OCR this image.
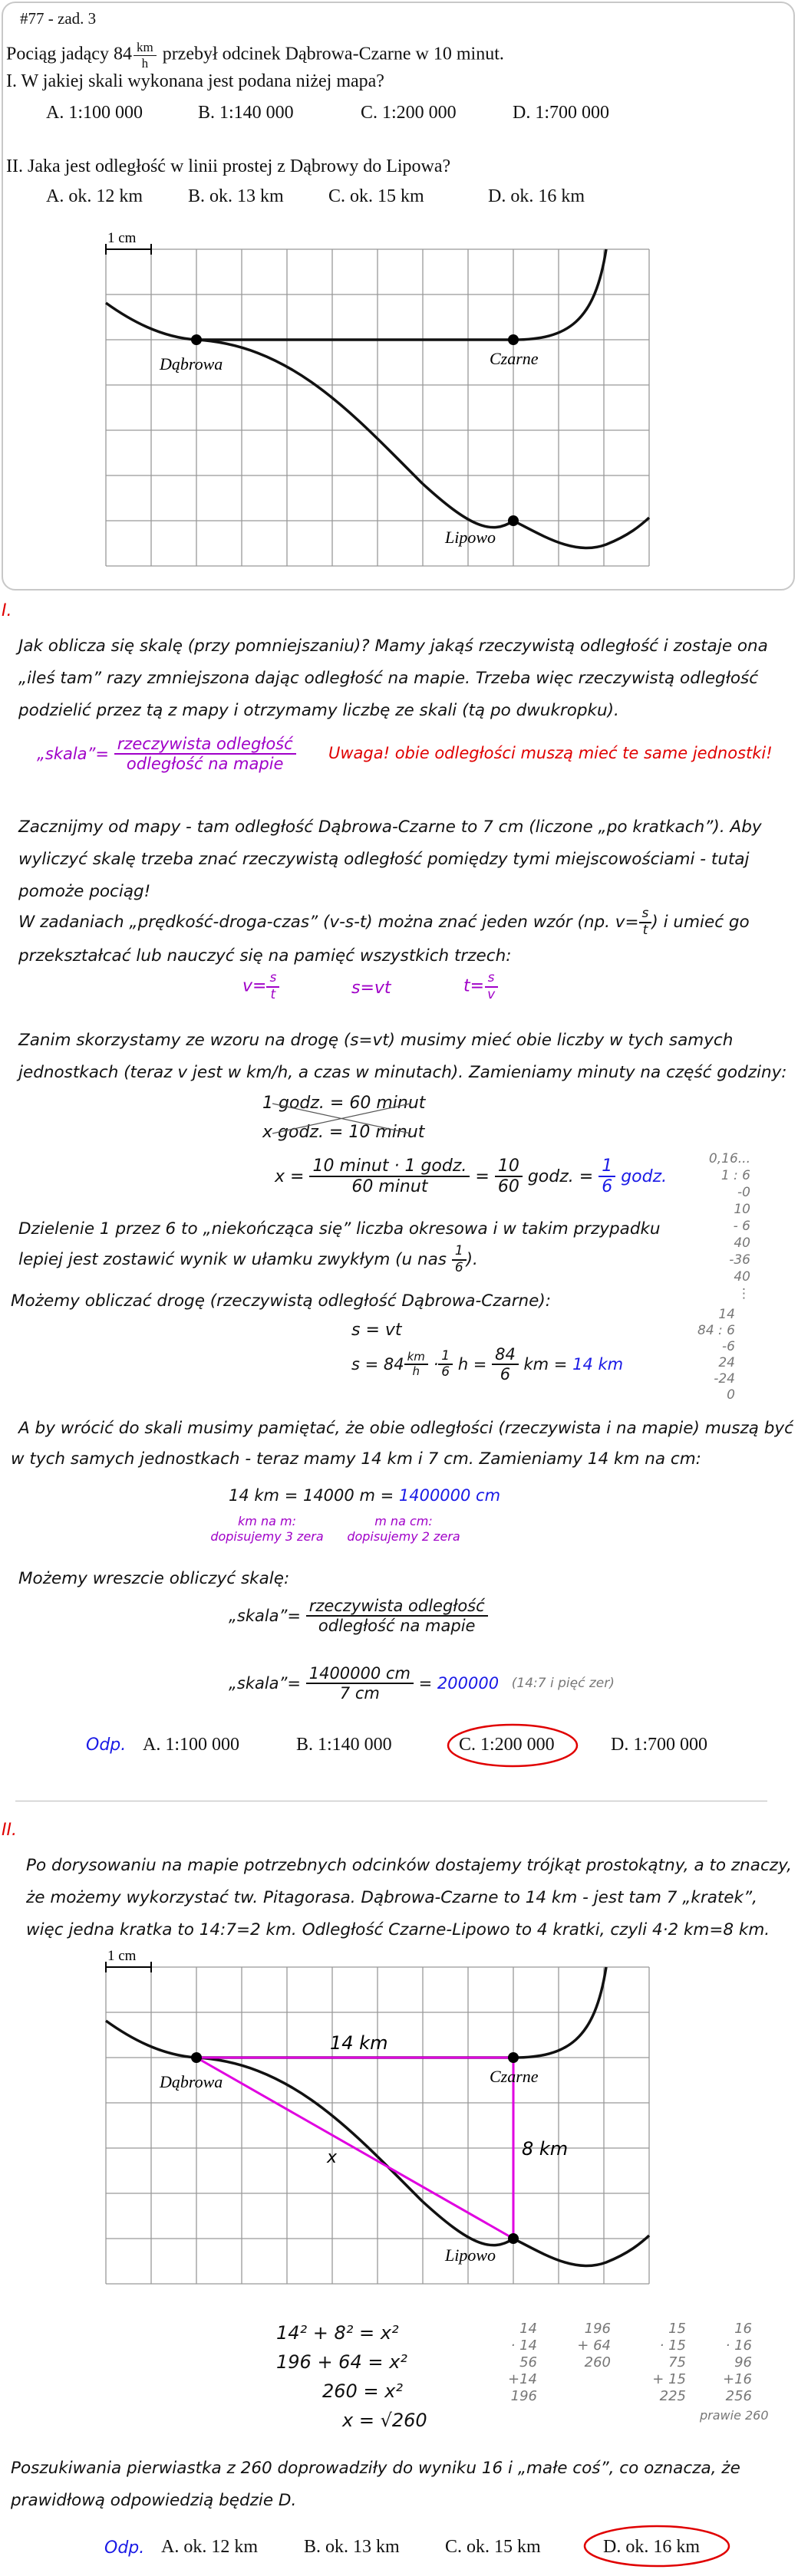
#77 - zad. 3
Pociąg jadący $84 \frac{km}{h}$ przebył odcinek Dąbrowa-Czarne w 10 minut.
I. W jakiej skali wykonana jest podana niżej mapa?
A. 1:100 000	B. 1:140 000	C. 1:200 000	D. 1:700 000
II. Jaka jest odległość w linii prostej z Dąbrowy do Lipowa?
A. ok. 12 km B. ok. 13 km C. ok. 15 km	D. ok. 16 km
1 cm
Dąbrowa	Czarne
Lipowo
I.
Jak oblicza się skalę (przy pomniejszaniu)? Mamy jakąś rzeczywistą odległość i zostaje ona
„ileś tam” razy zmniejszona dając odległość na mapie. Trzeba więc rzeczywistą odległość
podzielić przez tą z mapy i otrzymamy liczbę ze skali (tą po dwukropku).
„skala”= $\frac{\text{rzeczywista odległość}}{\text{odległość na mapie}}$ Uwaga! obie odległości muszą mieć te same jednostki!
Zacznijmy od mapy - tam odległość Dąbrowa-Czarne to 7 cm (liczone „po kratkach”). Aby
wyliczyć skalę trzeba znać rzeczywistą odległość pomiędzy tymi miejscowościami - tutaj
pomoże pociąg!
W zadaniach „prędkość-droga-czas” (v-s-t) można znać jeden wzór (np. $v= \frac{s}{t}$ ) i umieć go
przekształcać lub nauczyć się na pamięć wszystkich trzech:
$v= \frac{s}{t}$	s=vt	$t= \frac{s}{v}$
Zanim skorzystamy ze wzoru na drogę (s=vt) musimy mieć obie liczby w tych samych
jednostkach (teraz v jest w km/h, a czas w minutach). Zamieniamy minuty na część godziny:
1 godz. = 60 minut
x godz. = 10 minut
$x = \frac{\text{10 minut · 1 godz.}}{\text{60 minut}} = \frac{10}{60}$ godz. = $\frac{1}{6}$ godz.
0,16...
1 : 6
-0
10
- 6
40
-36
40
⋮
Dzielenie 1 przez 6 to „niekończąca się” liczba okresowa i w takim przypadku
lepiej jest zostawić wynik w ułamku zwykłym (u nas $\frac{1}{6}$ ).
14
84 : 6
-6
24
-24
0
Możemy obliczać drogę (rzeczywistą odległość Dąbrowa-Czarne):
s = vt
$s = 84 \frac{km}{h} \cdot \frac{1}{6}$ $h = \frac{84}{6}$ km = 14 km
A by wrócić do skali musimy pamiętać, że obie odległości (rzeczywista i na mapie) muszą być
w tych samych jednostkach - teraz mamy 14 km i 7 cm. Zamieniamy 14 km na cm:
14 km = 14000 m = 1400000 cm
km na m:
dopisujemy 3 zera
m na cm:
dopisujemy 2 zera
Możemy wreszcie obliczyć skalę:
„skala”= $\frac{\text{rzeczywista odległość}}{\text{odległość na mapie}}$
„skala”= $\frac{1400000 cm}{7 cm} = 200000$ (14:7 i pięć zer)
Odp. A. 1:100 000	B. 1:140 000	C. 1:200 000	D. 1:700 000
II.
Po dorysowaniu na mapie potrzebnych odcinków dostajemy trójkąt prostokątny, a to znaczy,
że możemy wykorzystać tw. Pitagorasa. Dąbrowa-Czarne to 14 km - jest tam 7 „kratek”,
więc jedna kratka to 14:7=2 km. Odległość Czarne-Lipowo to 4 kratki, czyli 4·2 km=8 km.
1 cm
Dąbrowa	Czarne
Lipowo
14 km
8 km
x
14² + 8² = x²
196 + 64 = x²
260 = x²
x = √260
14
· 14
56
+14
196
196
+ 64
260
15
· 15
75
+ 15
225
16
· 16
96
+16
256
prawie 260
Poszukiwania pierwiastka z 260 doprowadziły do wyniku 16 i „małe coś”, co oznacza, że
prawidłową odpowiedzią będzie D.
Odp. A. ok. 12 km	B. ok. 13 km C. ok. 15 km	D. ok. 16 km
